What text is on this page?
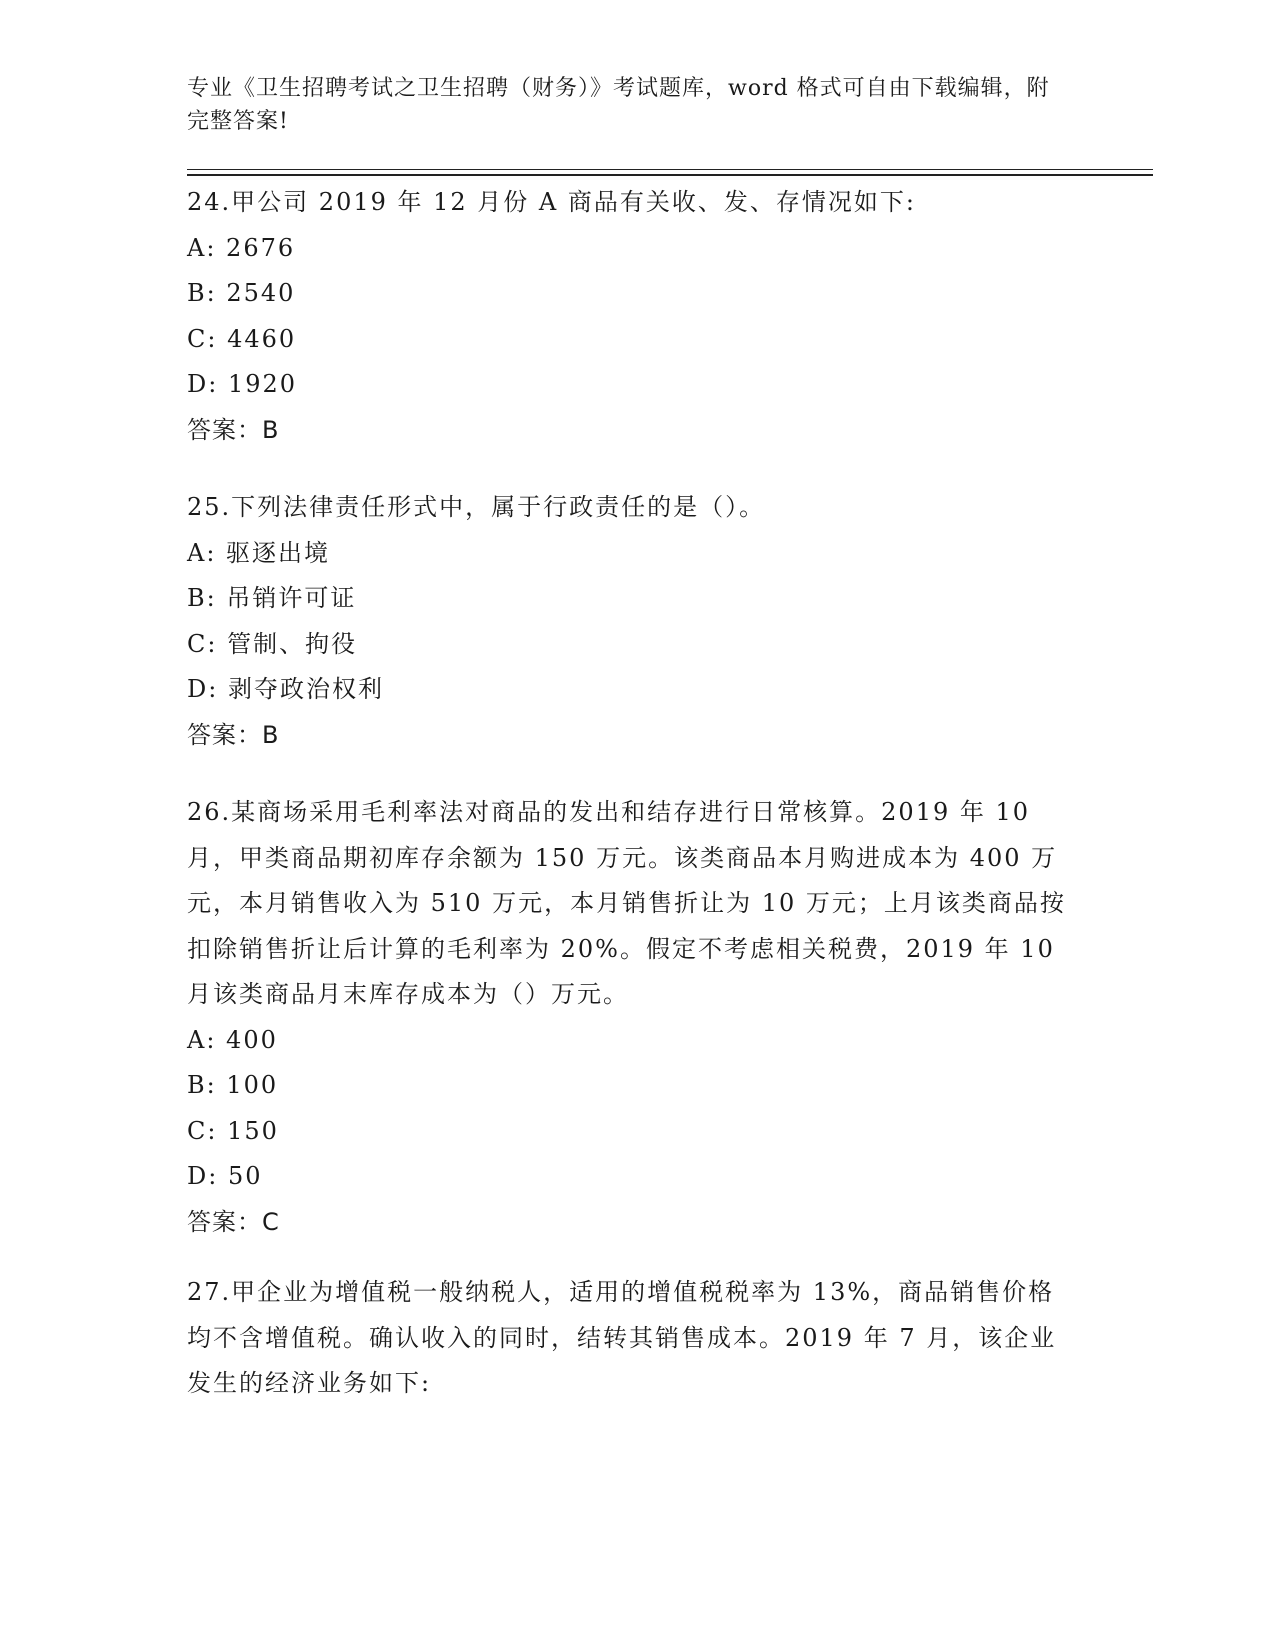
专业《卫生招聘考试之卫生招聘（财务）》考试题库，word 格式可自由下载编辑，附完整答案!

24.甲公司 2019 年 12 月份 A 商品有关收、发、存情况如下:

A: 2676

B: 2540

C: 4460

D: 1920

答案：B

25.下列法律责任形式中，属于行政责任的是（）。

A: 驱逐出境

B: 吊销许可证

C: 管制、拘役

D: 剥夺政治权利

答案：B

26.某商场采用毛利率法对商品的发出和结存进行日常核算。2019 年 10 月，甲类商品期初库存余额为 150 万元。该类商品本月购进成本为 400 万元，本月销售收入为 510 万元，本月销售折让为 10 万元；上月该类商品按扣除销售折让后计算的毛利率为 20%。假定不考虑相关税费，2019 年 10 月该类商品月末库存成本为（）万元。

A: 400

B: 100

C: 150

D: 50

答案：C

27.甲企业为增值税一般纳税人，适用的增值税税率为 13%，商品销售价格均不含增值税。确认收入的同时，结转其销售成本。2019 年 7 月，该企业发生的经济业务如下:
